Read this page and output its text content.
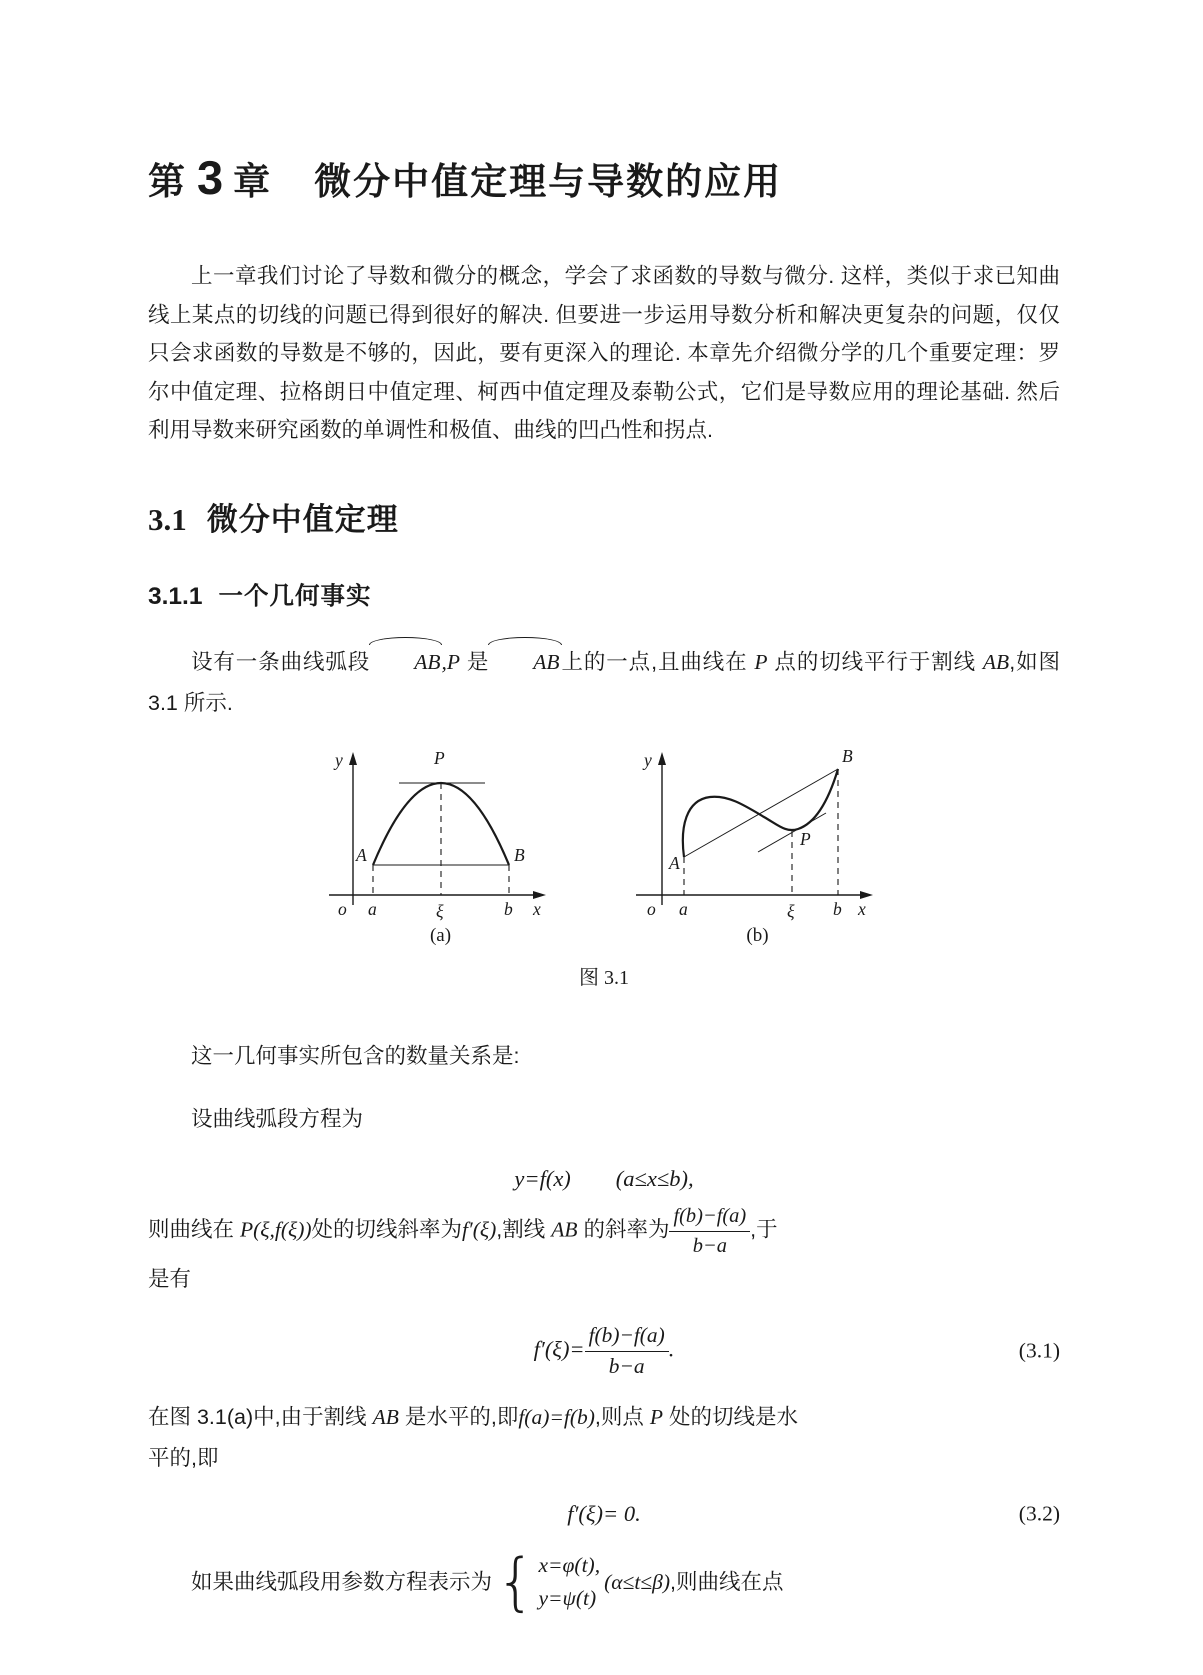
第 3 章 微分中值定理与导数的应用

上一章我们讨论了导数和微分的概念，学会了求函数的导数与微分. 这样，类似于求已知曲线上某点的切线的问题已得到很好的解决. 但要进一步运用导数分析和解决更复杂的问题，仅仅只会求函数的导数是不够的，因此，要有更深入的理论. 本章先介绍微分学的几个重要定理：罗尔中值定理、拉格朗日中值定理、柯西中值定理及泰勒公式，它们是导数应用的理论基础. 然后利用导数来研究函数的单调性和极值、曲线的凹凸性和拐点.

3.1 微分中值定理
3.1.1 一个几何事实

设有一条曲线弧段 AB,P 是 AB上的一点,且曲线在 P 点的切线平行于割线 AB,如图 3.1 所示.

y	P
A	B
o a	ξ	b x
(a)
y	B
P
A
o a	ξ b x
(b)
图 3.1

这一几何事实所包含的数量关系是:

设曲线弧段方程为

y=f(x)　　(a≤x≤b),

则曲线在 P(ξ,f(ξ))处的切线斜率为f′(ξ),割线 AB 的斜率为 $\frac{f(b)-f(a)}{b-a}$ ,于
是有

$f'(\xi)= \frac{f(b)-f(a)}{b-a}$ .	(3.1)

在图 3.1(a)中,由于割线 AB 是水平的,即f(a)=f(b),则点 P 处的切线是水
平的,即

f′(ξ)= 0.	(3.2)
如果曲线弧段用参数方程表示为 { x=φ(t),
y=ψ(t)
(α≤t≤β) ,则曲线在点
